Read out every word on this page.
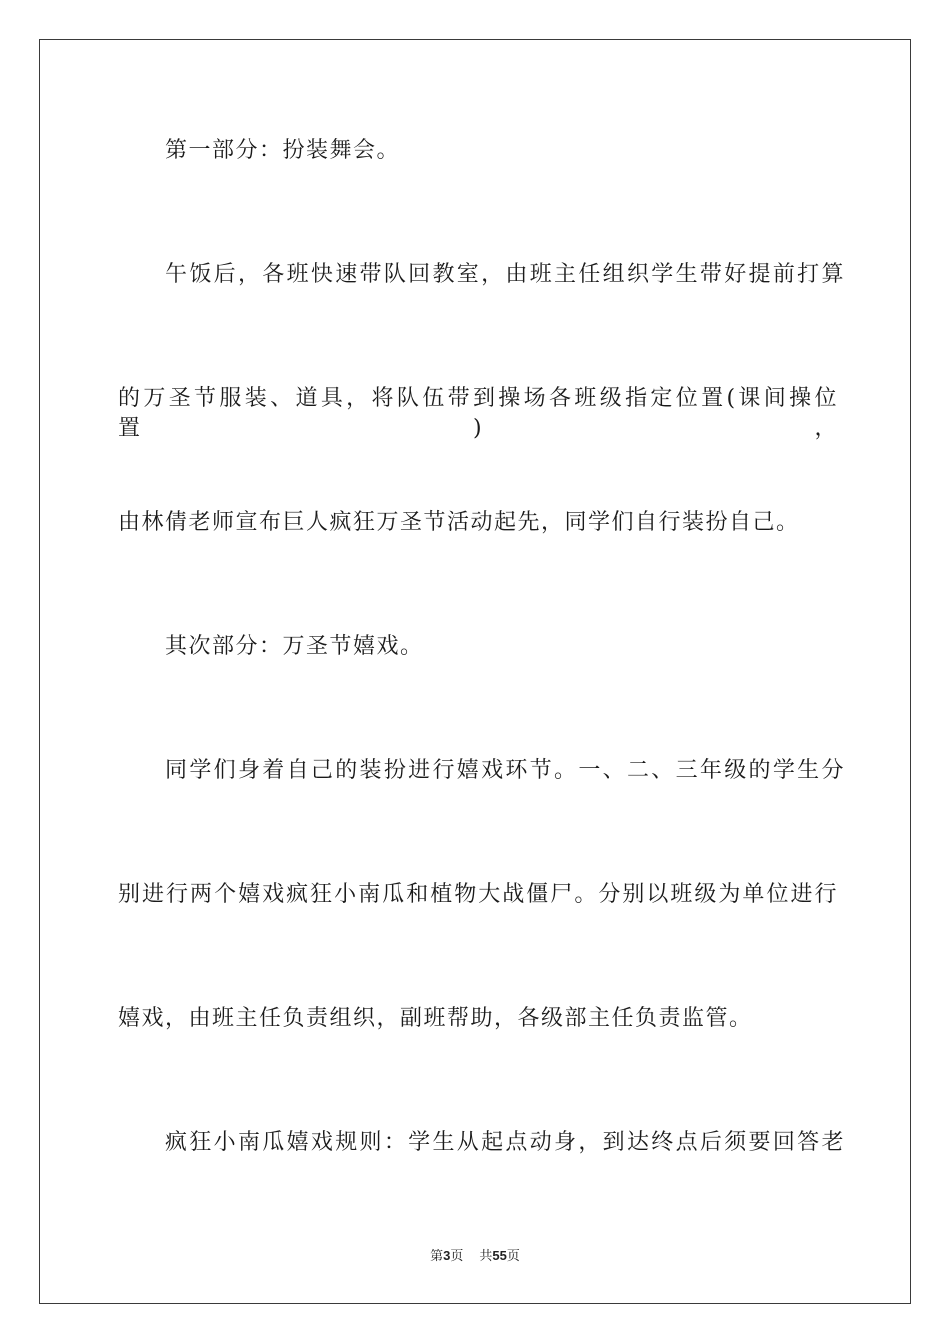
第一部分：扮装舞会。
午饭后，各班快速带队回教室，由班主任组织学生带好提前打算
的万圣节服装、道具，将队伍带到操场各班级指定位置(课间操位置)，
由林倩老师宣布巨人疯狂万圣节活动起先，同学们自行装扮自己。
其次部分：万圣节嬉戏。
同学们身着自己的装扮进行嬉戏环节。一、二、三年级的学生分
别进行两个嬉戏疯狂小南瓜和植物大战僵尸。分别以班级为单位进行
嬉戏，由班主任负责组织，副班帮助，各级部主任负责监管。
疯狂小南瓜嬉戏规则：学生从起点动身，到达终点后须要回答老
第3页 共55页
